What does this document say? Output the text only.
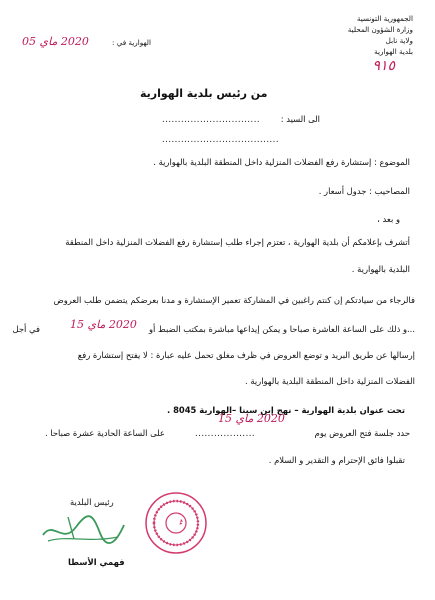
الجمهورية التونسية
وزارة الشؤون المحلية
ولاية نابل
بلدية الهوارية
٩١٥
الهوارية في :
2020 ماي 05
من رئيس بلدية الهوارية
الى السيد :
...............................
.....................................
الموضوع : إستشارة رفع الفضلات المنزلية داخل المنطقة البلدية بالهوارية .
المصاحيب : جدول أسعار .
و بعد ،
أتشرف بإعلامكم أن بلدية الهوارية ، تعتزم إجراء طلب إستشارة رفع الفضلات المنزلية داخل المنطقة
البلدية بالهوارية .
فالرجاء من سيادتكم إن كنتم راغبين في المشاركة تعمير الإستشارة و مدنا بعرضكم يتضمن طلب العروض
في أجل	2020 ماي 15 ...و ذلك على الساعة العاشرة صباحا و يمكن إيداعها مباشرة بمكتب الضبط أو
إرسالها عن طريق البريد و توضع العروض في ظرف مغلق تحمل عليه عبارة : لا يفتح إستشارة رفع
الفضلات المنزلية داخل المنطقة البلدية بالهوارية .
تحت عنوان بلدية الهوارية – نهج إبن سينا –الهوارية 8045 .
حدد جلسة فتح العروض يوم
...................
2020 ماي 15
على الساعة الحادية عشرة صباحا .
تقبلوا فائق الإحترام و التقدير و السلام .
رئيس البلدية
فهمي الأسطا
